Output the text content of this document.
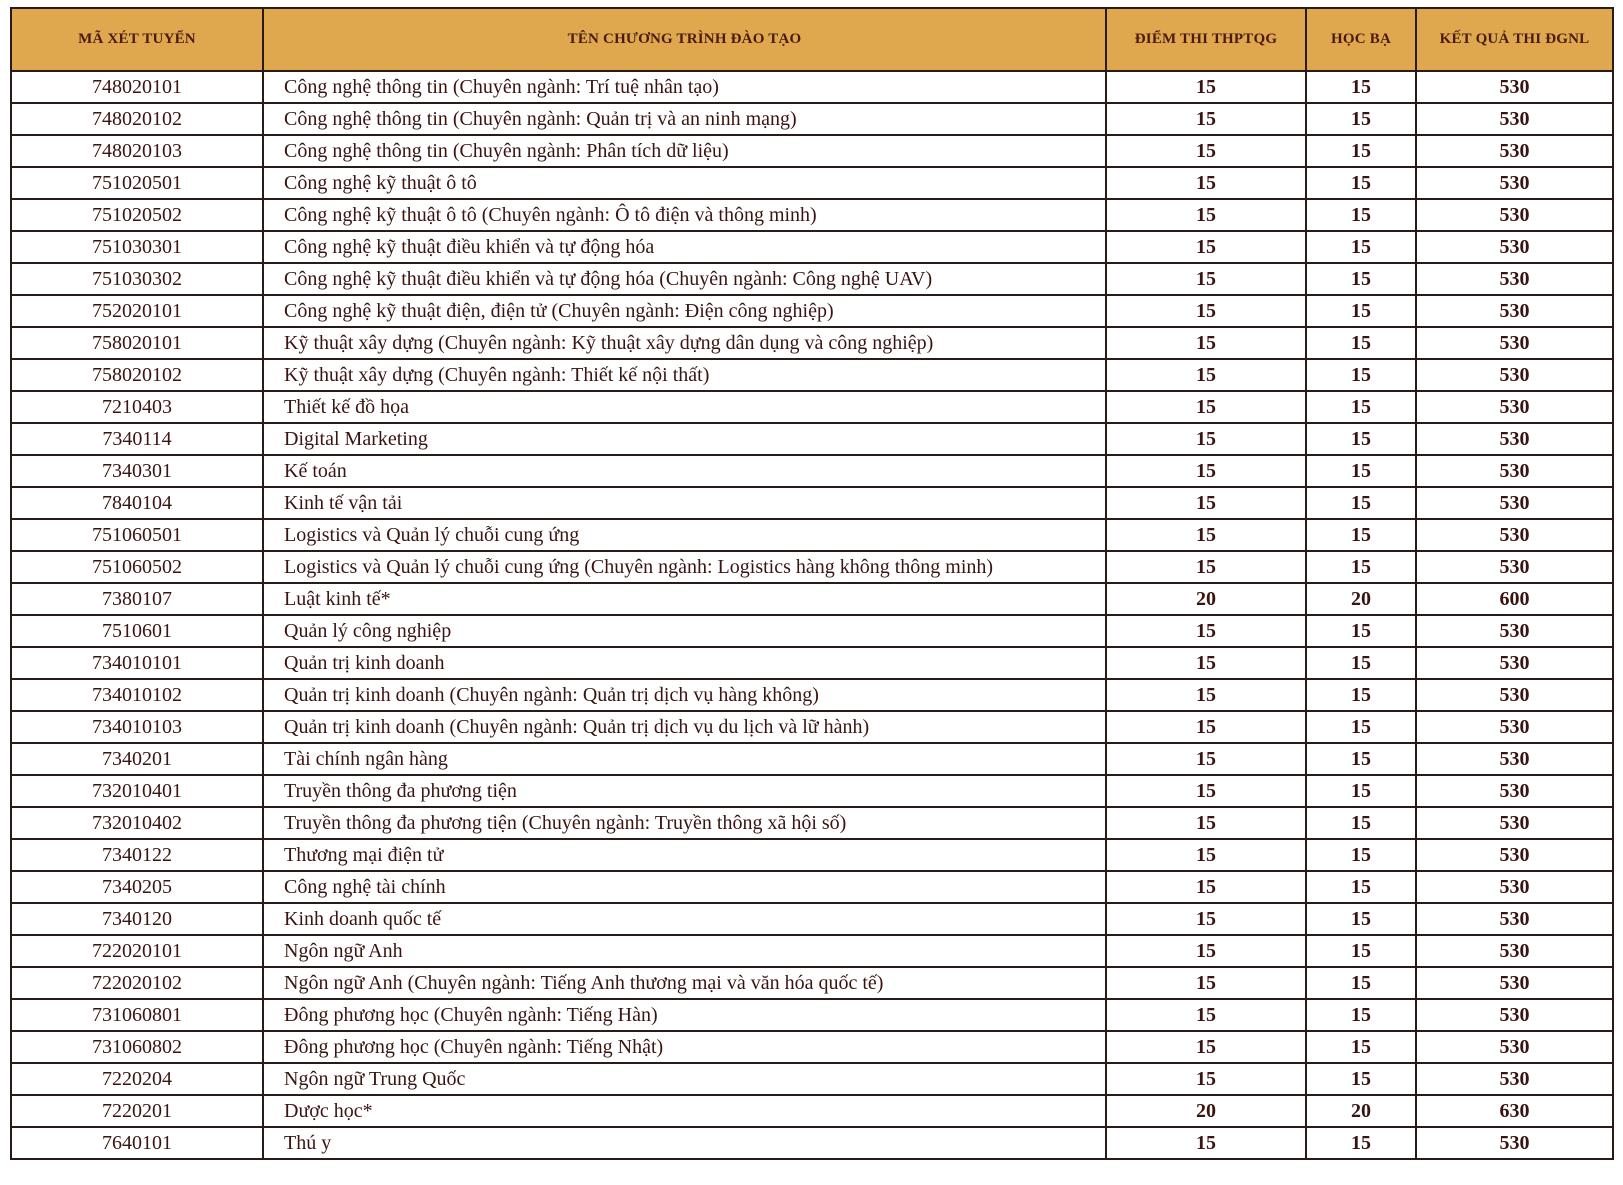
MÃ XÉT TUYỂN	TÊN CHƯƠNG TRÌNH ĐÀO TẠO	ĐIỂM THI THPTQG	HỌC BẠ	KẾT QUẢ THI ĐGNL
748020101	Công nghệ thông tin (Chuyên ngành: Trí tuệ nhân tạo)	15	15	530
748020102	Công nghệ thông tin (Chuyên ngành: Quản trị và an ninh mạng)	15	15	530
748020103	Công nghệ thông tin (Chuyên ngành: Phân tích dữ liệu)	15	15	530
751020501	Công nghệ kỹ thuật ô tô	15	15	530
751020502	Công nghệ kỹ thuật ô tô (Chuyên ngành: Ô tô điện và thông minh)	15	15	530
751030301	Công nghệ kỹ thuật điều khiển và tự động hóa	15	15	530
751030302	Công nghệ kỹ thuật điều khiển và tự động hóa (Chuyên ngành: Công nghệ UAV)	15	15	530
752020101	Công nghệ kỹ thuật điện, điện tử (Chuyên ngành: Điện công nghiệp)	15	15	530
758020101	Kỹ thuật xây dựng (Chuyên ngành: Kỹ thuật xây dựng dân dụng và công nghiệp)	15	15	530
758020102	Kỹ thuật xây dựng (Chuyên ngành: Thiết kế nội thất)	15	15	530
7210403	Thiết kế đồ họa	15	15	530
7340114	Digital Marketing	15	15	530
7340301	Kế toán	15	15	530
7840104	Kinh tế vận tải	15	15	530
751060501	Logistics và Quản lý chuỗi cung ứng	15	15	530
751060502	Logistics và Quản lý chuỗi cung ứng (Chuyên ngành: Logistics hàng không thông minh)	15	15	530
7380107	Luật kinh tế*	20	20	600
7510601	Quản lý công nghiệp	15	15	530
734010101	Quản trị kinh doanh	15	15	530
734010102	Quản trị kinh doanh (Chuyên ngành: Quản trị dịch vụ hàng không)	15	15	530
734010103	Quản trị kinh doanh (Chuyên ngành: Quản trị dịch vụ du lịch và lữ hành)	15	15	530
7340201	Tài chính ngân hàng	15	15	530
732010401	Truyền thông đa phương tiện	15	15	530
732010402	Truyền thông đa phương tiện (Chuyên ngành: Truyền thông xã hội số)	15	15	530
7340122	Thương mại điện tử	15	15	530
7340205	Công nghệ tài chính	15	15	530
7340120	Kinh doanh quốc tế	15	15	530
722020101	Ngôn ngữ Anh	15	15	530
722020102	Ngôn ngữ Anh (Chuyên ngành: Tiếng Anh thương mại và văn hóa quốc tế)	15	15	530
731060801	Đông phương học (Chuyên ngành: Tiếng Hàn)	15	15	530
731060802	Đông phương học (Chuyên ngành: Tiếng Nhật)	15	15	530
7220204	Ngôn ngữ Trung Quốc	15	15	530
7220201	Dược học*	20	20	630
7640101	Thú y	15	15	530
